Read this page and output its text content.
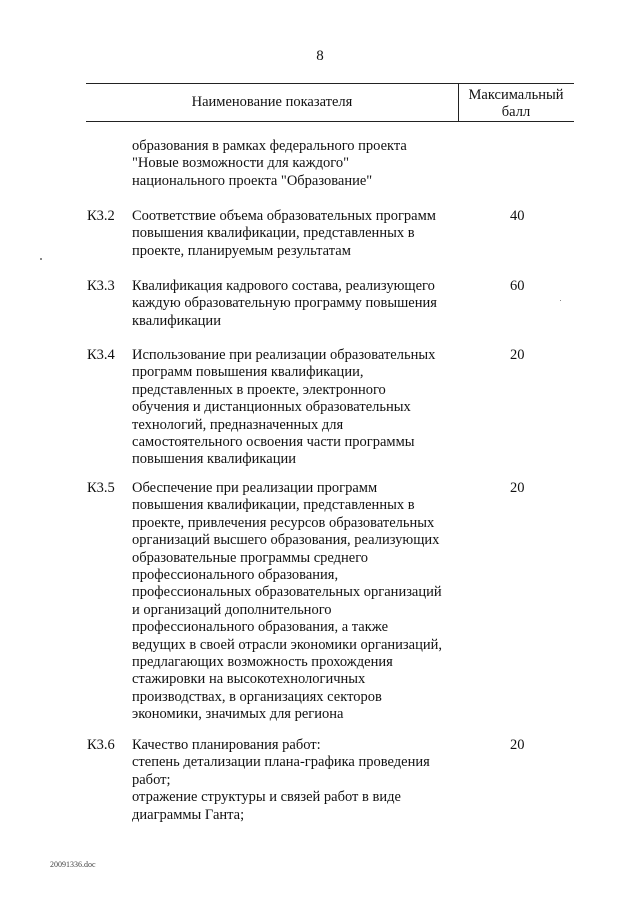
8
Наименование показателя	Максимальный
балл
образования в рамках федерального проекта
"Новые возможности для каждого"
национального проекта "Образование"
К3.2 Соответствие объема образовательных программ
повышения квалификации, представленных в
проекте, планируемым результатам
40
К3.3 Квалификация кадрового состава, реализующего
каждую образовательную программу повышения
квалификации
60
К3.4 Использование при реализации образовательных
программ повышения квалификации,
представленных в проекте, электронного
обучения и дистанционных образовательных
технологий, предназначенных для
самостоятельного освоения части программы
повышения квалификации
20
К3.5 Обеспечение при реализации программ
повышения квалификации, представленных в
проекте, привлечения ресурсов образовательных
организаций высшего образования, реализующих
образовательные программы среднего
профессионального образования,
профессиональных образовательных организаций
и организаций дополнительного
профессионального образования, а также
ведущих в своей отрасли экономики организаций,
предлагающих возможность прохождения
стажировки на высокотехнологичных
производствах, в организациях секторов
экономики, значимых для региона
20
К3.6 Качество планирования работ:
степень детализации плана-графика проведения
работ;
отражение структуры и связей работ в виде
диаграммы Ганта;
20
20091336.doc
